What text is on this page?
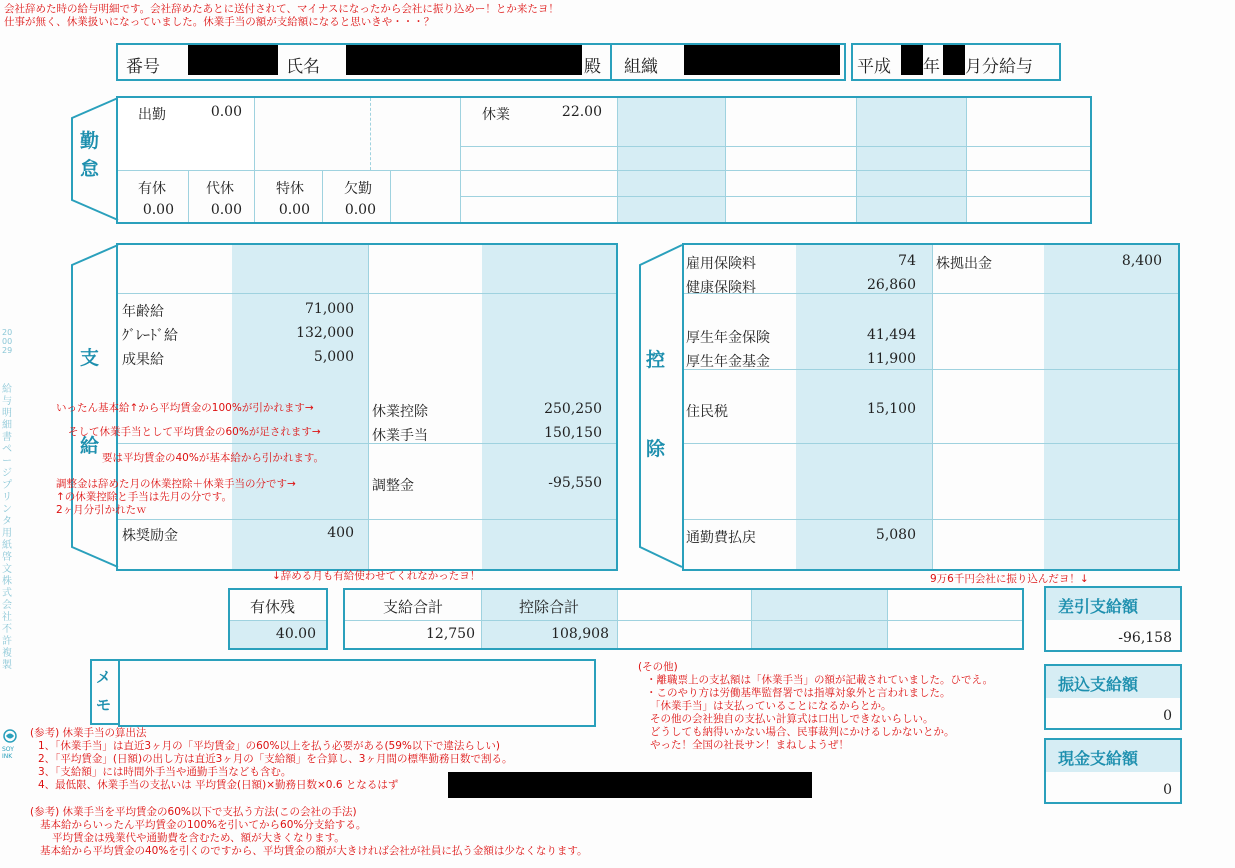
会社辞めた時の給与明細です。会社辞めたあとに送付されて、マイナスになったから会社に振り込めー！とか来たヨ！
仕事が無く、休業扱いになっていました。休業手当の額が支給額になると思いきや・・・？
番号	氏名	殿 組織	平成 年 月分給与
勤
怠
出勤	0.00	休業	22.00
有休
0.00
代休
0.00
特休
0.00
欠勤
0.00
支
給
年齢給	71,000
ｸﾞﾚｰﾄﾞ給	132,000
成果給	5,000
株奨励金	400
休業控除	250,250
休業手当	150,150
調整金	-95,550
いったん基本給↑から平均賃金の100%が引かれます→
そして休業手当として平均賃金の60%が足されます→
要は平均賃金の40%が基本給から引かれます。
調整金は辞めた月の休業控除＋休業手当の分です→
↑の休業控除と手当は先月の分です。
2ヶ月分引かれたｗ
控
除
雇用保険料	74
健康保険料	26,860
厚生年金保険	41,494
厚生年金基金	11,900
住民税	15,100
通勤費払戻	5,080
株拠出金	8,400
↓辞める月も有給使わせてくれなかったヨ！	9万6千円会社に振り込んだヨ！↓
有休残
40.00
支給合計
12,750
控除合計
108,908
差引支給額
-96,158
振込支給額
0
現金支給額
0
メ
モ
(その他)
・離職票上の支払額は「休業手当」の額が記載されていました。ひでえ。
・このやり方は労働基準監督署では指導対象外と言われました。
「休業手当」は支払っていることになるからとか。
その他の会社独自の支払い計算式は口出しできないらしい。
どうしても納得いかない場合、民事裁判にかけるしかないとか。
やった！全国の社長サン！まねしようぜ！
(参考) 休業手当の算出法
1、「休業手当」は直近3ヶ月の「平均賃金」の60%以上を払う必要がある(59%以下で違法らしい)
2、「平均賃金」(日額)の出し方は直近3ヶ月の「支給額」を合算し、3ヶ月間の標準勤務日数で割る。
3、「支給額」には時間外手当や通勤手当なども含む。
4、最低限、休業手当の支払いは 平均賃金(日額)×勤務日数×0.6 となるはず
(参考) 休業手当を平均賃金の60%以下で支払う方法(この会社の手法)
基本給からいったん平均賃金の100%を引いてから60%分支給する。
平均賃金は残業代や通勤費を含むため、額が大きくなります。
基本給から平均賃金の40%を引くのですから、平均賃金の額が大きければ会社が社員に払う金額は少なくなります。
200029
給与明細書ページプリンタ用紙　啓文株式会社　不許複製
SOY INK
